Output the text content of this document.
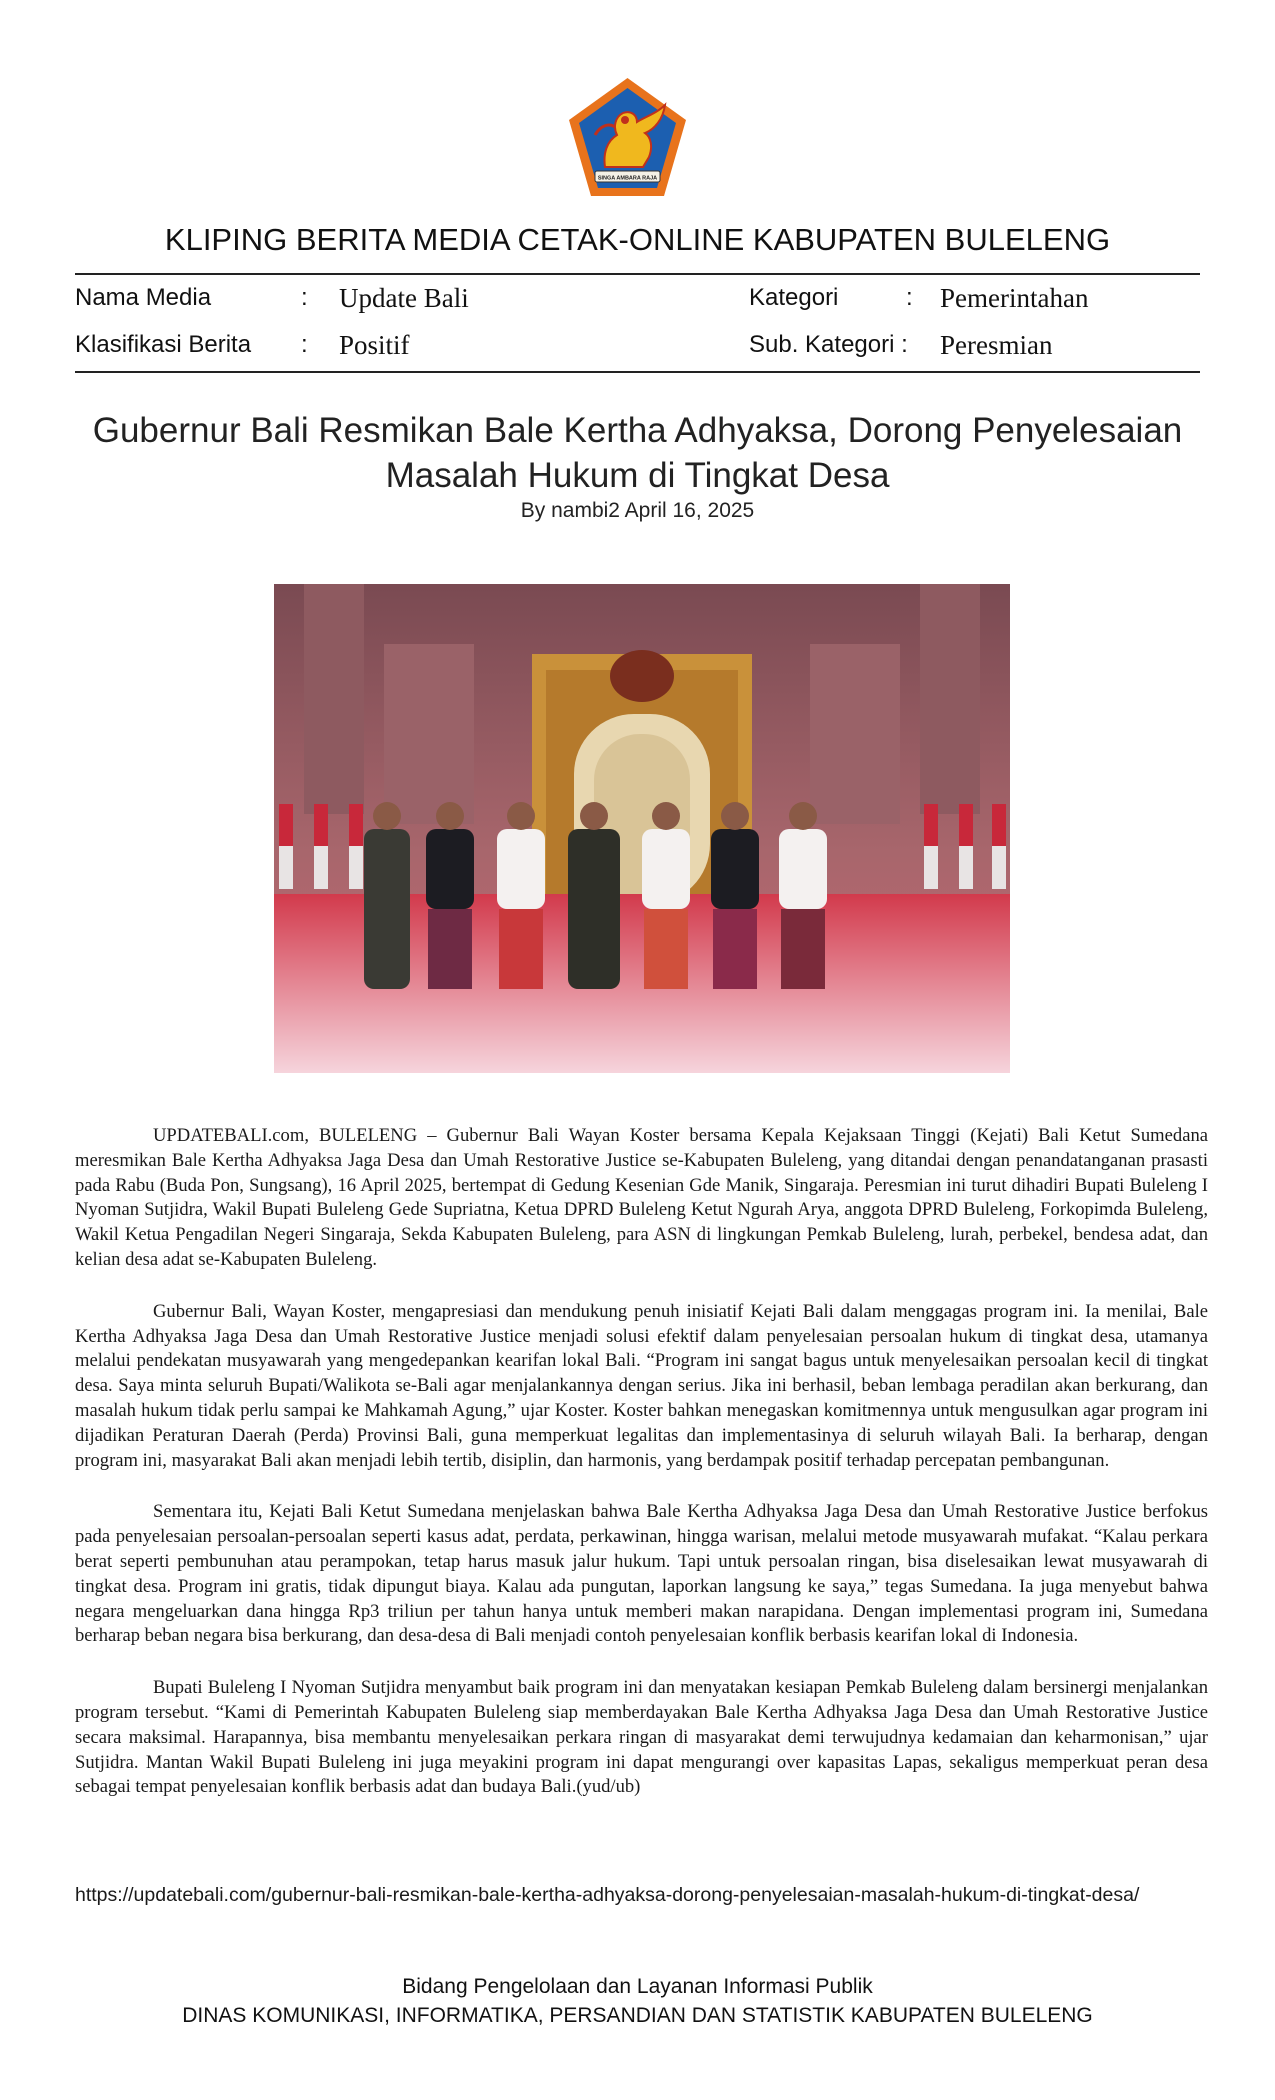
SINGA AMBARA RAJA
KLIPING BERITA MEDIA CETAK-ONLINE KABUPATEN BULELENG
Nama Media	: Update Bali	Kategori	: Pemerintahan
Klasifikasi Berita : Positif	Sub. Kategori : Peresmian
Gubernur Bali Resmikan Bale Kertha Adhyaksa, Dorong Penyelesaian
Masalah Hukum di Tingkat Desa
By nambi2 April 16, 2025

UPDATEBALI.com, BULELENG – Gubernur Bali Wayan Koster bersama Kepala Kejaksaan Tinggi (Kejati) Bali Ketut Sumedana meresmikan Bale Kertha Adhyaksa Jaga Desa dan Umah Restorative Justice se-Kabupaten Buleleng, yang ditandai dengan penandatanganan prasasti pada Rabu (Buda Pon, Sungsang), 16 April 2025, bertempat di Gedung Kesenian Gde Manik, Singaraja. Peresmian ini turut dihadiri Bupati Buleleng I Nyoman Sutjidra, Wakil Bupati Buleleng Gede Supriatna, Ketua DPRD Buleleng Ketut Ngurah Arya, anggota DPRD Buleleng, Forkopimda Buleleng, Wakil Ketua Pengadilan Negeri Singaraja, Sekda Kabupaten Buleleng, para ASN di lingkungan Pemkab Buleleng, lurah, perbekel, bendesa adat, dan kelian desa adat se-Kabupaten Buleleng.

Gubernur Bali, Wayan Koster, mengapresiasi dan mendukung penuh inisiatif Kejati Bali dalam menggagas program ini. Ia menilai, Bale Kertha Adhyaksa Jaga Desa dan Umah Restorative Justice menjadi solusi efektif dalam penyelesaian persoalan hukum di tingkat desa, utamanya melalui pendekatan musyawarah yang mengedepankan kearifan lokal Bali. “Program ini sangat bagus untuk menyelesaikan persoalan kecil di tingkat desa. Saya minta seluruh Bupati/Walikota se-Bali agar menjalankannya dengan serius. Jika ini berhasil, beban lembaga peradilan akan berkurang, dan masalah hukum tidak perlu sampai ke Mahkamah Agung,” ujar Koster. Koster bahkan menegaskan komitmennya untuk mengusulkan agar program ini dijadikan Peraturan Daerah (Perda) Provinsi Bali, guna memperkuat legalitas dan implementasinya di seluruh wilayah Bali. Ia berharap, dengan program ini, masyarakat Bali akan menjadi lebih tertib, disiplin, dan harmonis, yang berdampak positif terhadap percepatan pembangunan.

Sementara itu, Kejati Bali Ketut Sumedana menjelaskan bahwa Bale Kertha Adhyaksa Jaga Desa dan Umah Restorative Justice berfokus pada penyelesaian persoalan-persoalan seperti kasus adat, perdata, perkawinan, hingga warisan, melalui metode musyawarah mufakat. “Kalau perkara berat seperti pembunuhan atau perampokan, tetap harus masuk jalur hukum. Tapi untuk persoalan ringan, bisa diselesaikan lewat musyawarah di tingkat desa. Program ini gratis, tidak dipungut biaya. Kalau ada pungutan, laporkan langsung ke saya,” tegas Sumedana. Ia juga menyebut bahwa negara mengeluarkan dana hingga Rp3 triliun per tahun hanya untuk memberi makan narapidana. Dengan implementasi program ini, Sumedana berharap beban negara bisa berkurang, dan desa-desa di Bali menjadi contoh penyelesaian konflik berbasis kearifan lokal di Indonesia.

Bupati Buleleng I Nyoman Sutjidra menyambut baik program ini dan menyatakan kesiapan Pemkab Buleleng dalam bersinergi menjalankan program tersebut. “Kami di Pemerintah Kabupaten Buleleng siap memberdayakan Bale Kertha Adhyaksa Jaga Desa dan Umah Restorative Justice secara maksimal. Harapannya, bisa membantu menyelesaikan perkara ringan di masyarakat demi terwujudnya kedamaian dan keharmonisan,” ujar Sutjidra. Mantan Wakil Bupati Buleleng ini juga meyakini program ini dapat mengurangi over kapasitas Lapas, sekaligus memperkuat peran desa sebagai tempat penyelesaian konflik berbasis adat dan budaya Bali.(yud/ub)

https://updatebali.com/gubernur-bali-resmikan-bale-kertha-adhyaksa-dorong-penyelesaian-masalah-hukum-di-tingkat-desa/
Bidang Pengelolaan dan Layanan Informasi Publik
DINAS KOMUNIKASI, INFORMATIKA, PERSANDIAN DAN STATISTIK KABUPATEN BULELENG
